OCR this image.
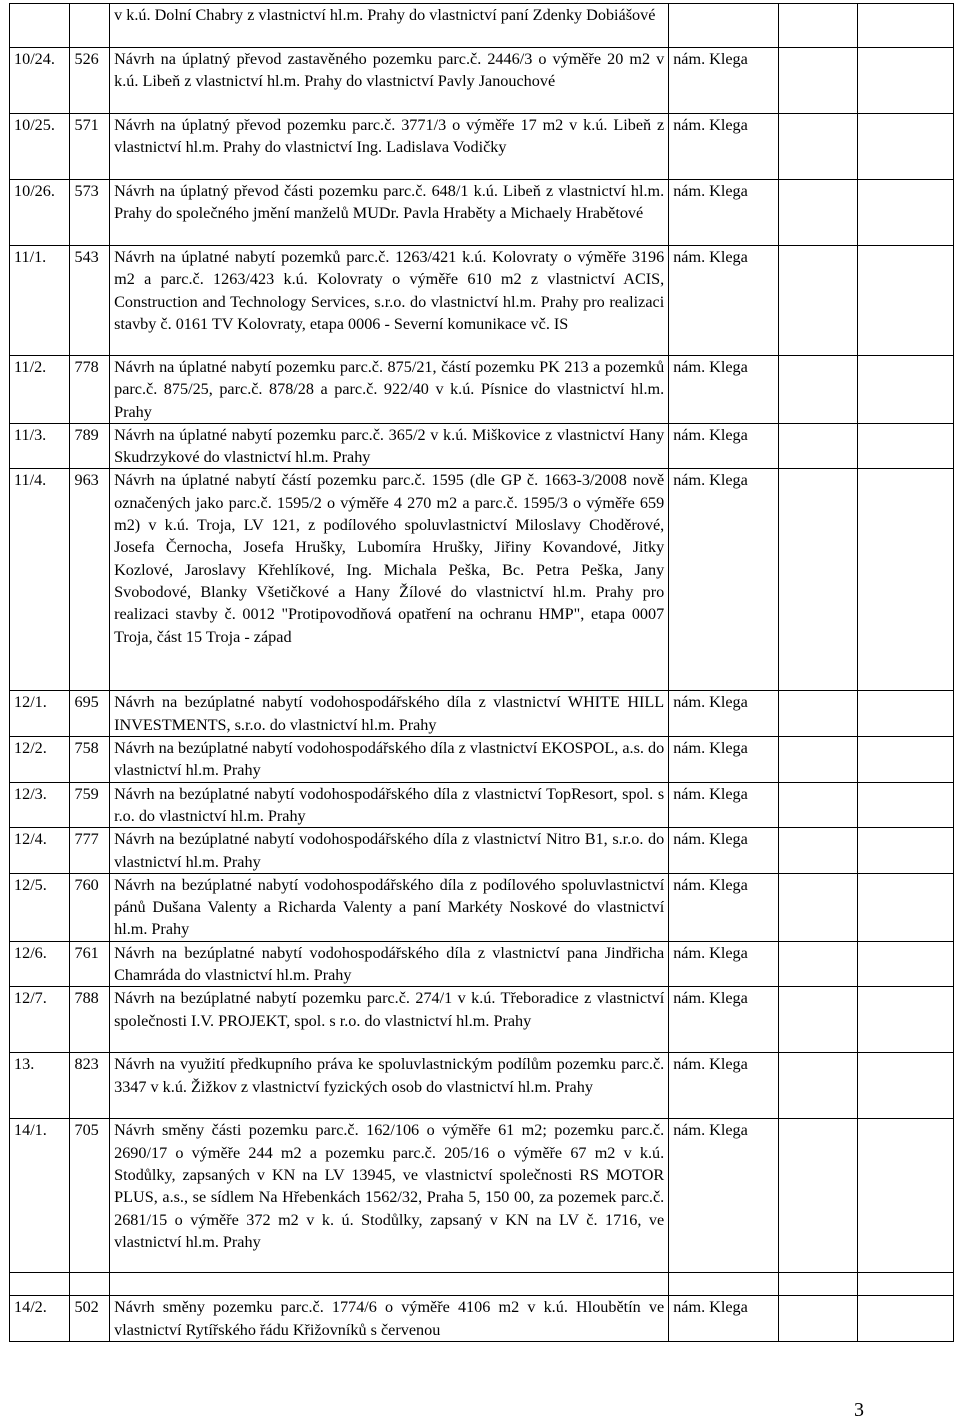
		v k.ú. Dolní Chabry z vlastnictví hl.m. Prahy do vlastnictví paní Zdenky Dobiášové			
10/24.	526	Návrh na úplatný převod zastavěného pozemku parc.č. 2446/3 o výměře 20 m2 v k.ú. Libeň z vlastnictví hl.m. Prahy do vlastnictví Pavly Janouchové	nám. Klega		
10/25.	571	Návrh na úplatný převod pozemku parc.č. 3771/3 o výměře 17 m2 v k.ú. Libeň z vlastnictví hl.m. Prahy do vlastnictví Ing. Ladislava Vodičky	nám. Klega		
10/26.	573	Návrh na úplatný převod části pozemku parc.č. 648/1 k.ú. Libeň z vlastnictví hl.m. Prahy do společného jmění manželů MUDr. Pavla Hraběty a Michaely Hrabětové	nám. Klega		
11/1.	543	Návrh na úplatné nabytí pozemků parc.č. 1263/421 k.ú. Kolovraty o výměře 3196 m2 a parc.č. 1263/423 k.ú. Kolovraty o výměře 610 m2 z vlastnictví ACIS, Construction and Technology Services, s.r.o. do vlastnictví hl.m. Prahy pro realizaci stavby č. 0161 TV Kolovraty, etapa 0006 - Severní komunikace vč. IS	nám. Klega		
11/2.	778	Návrh na úplatné nabytí pozemku parc.č. 875/21, částí pozemku PK 213 a pozemků parc.č. 875/25, parc.č. 878/28 a parc.č. 922/40 v k.ú. Písnice do vlastnictví hl.m. Prahy	nám. Klega		
11/3.	789	Návrh na úplatné nabytí pozemku parc.č. 365/2 v k.ú. Miškovice z vlastnictví Hany Skudrzykové do vlastnictví hl.m. Prahy	nám. Klega		
11/4.	963	Návrh na úplatné nabytí částí pozemku parc.č. 1595 (dle GP č. 1663-3/2008 nově označených jako parc.č. 1595/2 o výměře 4 270 m2 a parc.č. 1595/3 o výměře 659 m2) v k.ú. Troja, LV 121, z podílového spoluvlastnictví Miloslavy Choděrové, Josefa Černocha, Josefa Hrušky, Lubomíra Hrušky, Jiřiny Kovandové, Jitky Kozlové, Jaroslavy Křehlíkové, Ing. Michala Peška, Bc. Petra Peška, Jany Svobodové, Blanky Všetičkové a Hany Žílové do vlastnictví hl.m. Prahy pro realizaci stavby č. 0012 "Protipovodňová opatření na ochranu HMP", etapa 0007 Troja, část 15 Troja - západ	nám. Klega		
12/1.	695	Návrh na bezúplatné nabytí vodohospodářského díla z vlastnictví WHITE HILL INVESTMENTS, s.r.o. do vlastnictví hl.m. Prahy	nám. Klega		
12/2.	758	Návrh na bezúplatné nabytí vodohospodářského díla z vlastnictví EKOSPOL, a.s. do vlastnictví hl.m. Prahy	nám. Klega		
12/3.	759	Návrh na bezúplatné nabytí vodohospodářského díla z vlastnictví TopResort, spol. s r.o. do vlastnictví hl.m. Prahy	nám. Klega		
12/4.	777	Návrh na bezúplatné nabytí vodohospodářského díla z vlastnictví Nitro B1, s.r.o. do vlastnictví hl.m. Prahy	nám. Klega		
12/5.	760	Návrh na bezúplatné nabytí vodohospodářského díla z podílového spoluvlastnictví pánů Dušana Valenty a Richarda Valenty a paní Markéty Noskové do vlastnictví hl.m. Prahy	nám. Klega		
12/6.	761	Návrh na bezúplatné nabytí vodohospodářského díla z vlastnictví pana Jindřicha Chamráda do vlastnictví hl.m. Prahy	nám. Klega		
12/7.	788	Návrh na bezúplatné nabytí pozemku parc.č. 274/1 v k.ú. Třeboradice z vlastnictví společnosti I.V. PROJEKT, spol. s r.o. do vlastnictví hl.m. Prahy	nám. Klega		
13.	823	Návrh na využití předkupního práva ke spoluvlastnickým podílům pozemku parc.č. 3347 v k.ú. Žižkov z vlastnictví fyzických osob do vlastnictví hl.m. Prahy	nám. Klega		
14/1.	705	Návrh směny části pozemku parc.č. 162/106 o výměře 61 m2; pozemku parc.č. 2690/17 o výměře 244 m2 a pozemku parc.č. 205/16 o výměře 67 m2 v k.ú. Stodůlky, zapsaných v KN na LV 13945, ve vlastnictví společnosti RS MOTOR PLUS, a.s., se sídlem Na Hřebenkách 1562/32, Praha 5, 150 00, za pozemek parc.č. 2681/15 o výměře 372 m2 v k. ú. Stodůlky, zapsaný v KN na LV č. 1716, ve vlastnictví hl.m. Prahy	nám. Klega		

14/2.	502	Návrh směny pozemku parc.č. 1774/6 o výměře 4106 m2 v k.ú. Hloubětín ve vlastnictví Rytířského řádu Křižovníků s červenou	nám. Klega		
3
